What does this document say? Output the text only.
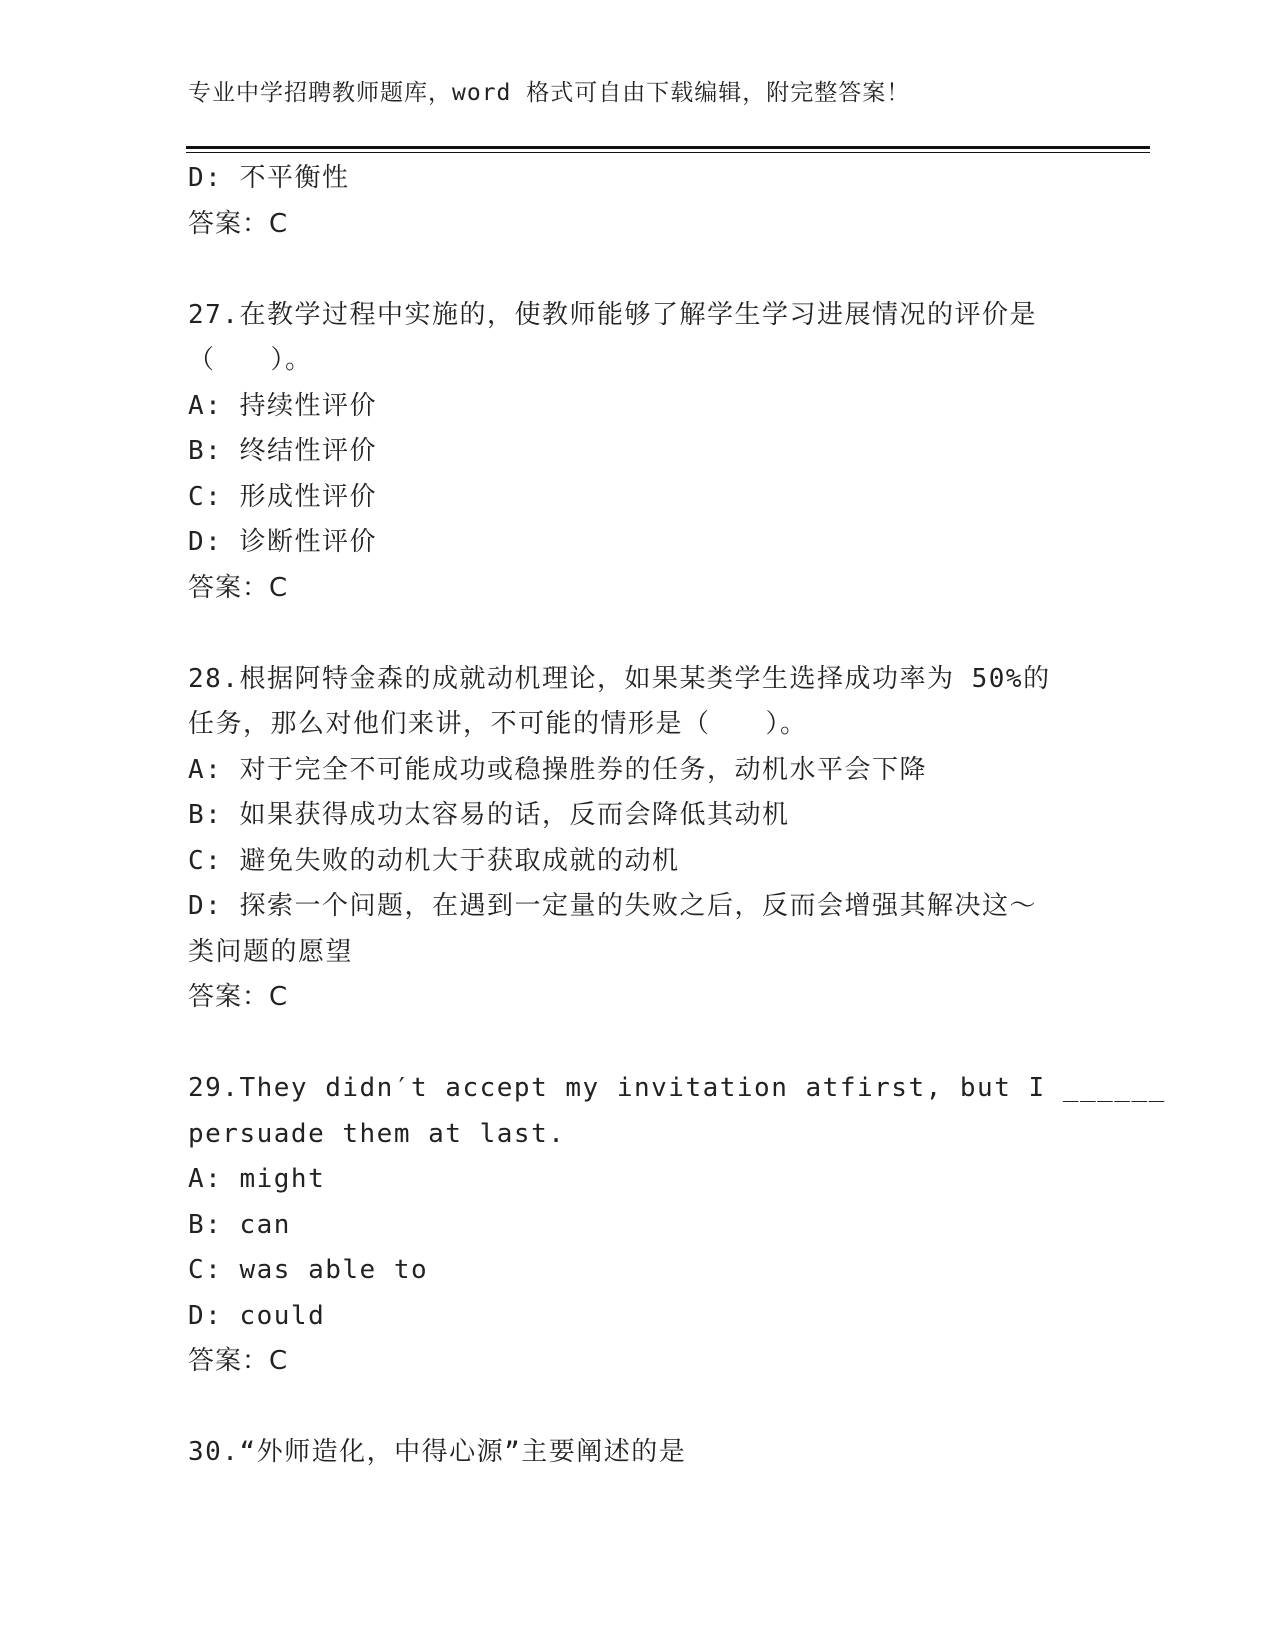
专业中学招聘教师题库，word 格式可自由下载编辑，附完整答案！
D: 不平衡性
答案：C
27.在教学过程中实施的，使教师能够了解学生学习进展情况的评价是
（　　）。
A: 持续性评价
B: 终结性评价
C: 形成性评价
D: 诊断性评价
答案：C
28.根据阿特金森的成就动机理论，如果某类学生选择成功率为 50%的
任务，那么对他们来讲，不可能的情形是（　　）。
A: 对于完全不可能成功或稳操胜券的任务，动机水平会下降
B: 如果获得成功太容易的话，反而会降低其动机
C: 避免失败的动机大于获取成就的动机
D: 探索一个问题，在遇到一定量的失败之后，反而会增强其解决这～
类问题的愿望
答案：C
29.They didn′t accept my invitation atfirst, but I ______
persuade them at last.
A: might
B: can
C: was able to
D: could
答案：C
30.“外师造化，中得心源”主要阐述的是
